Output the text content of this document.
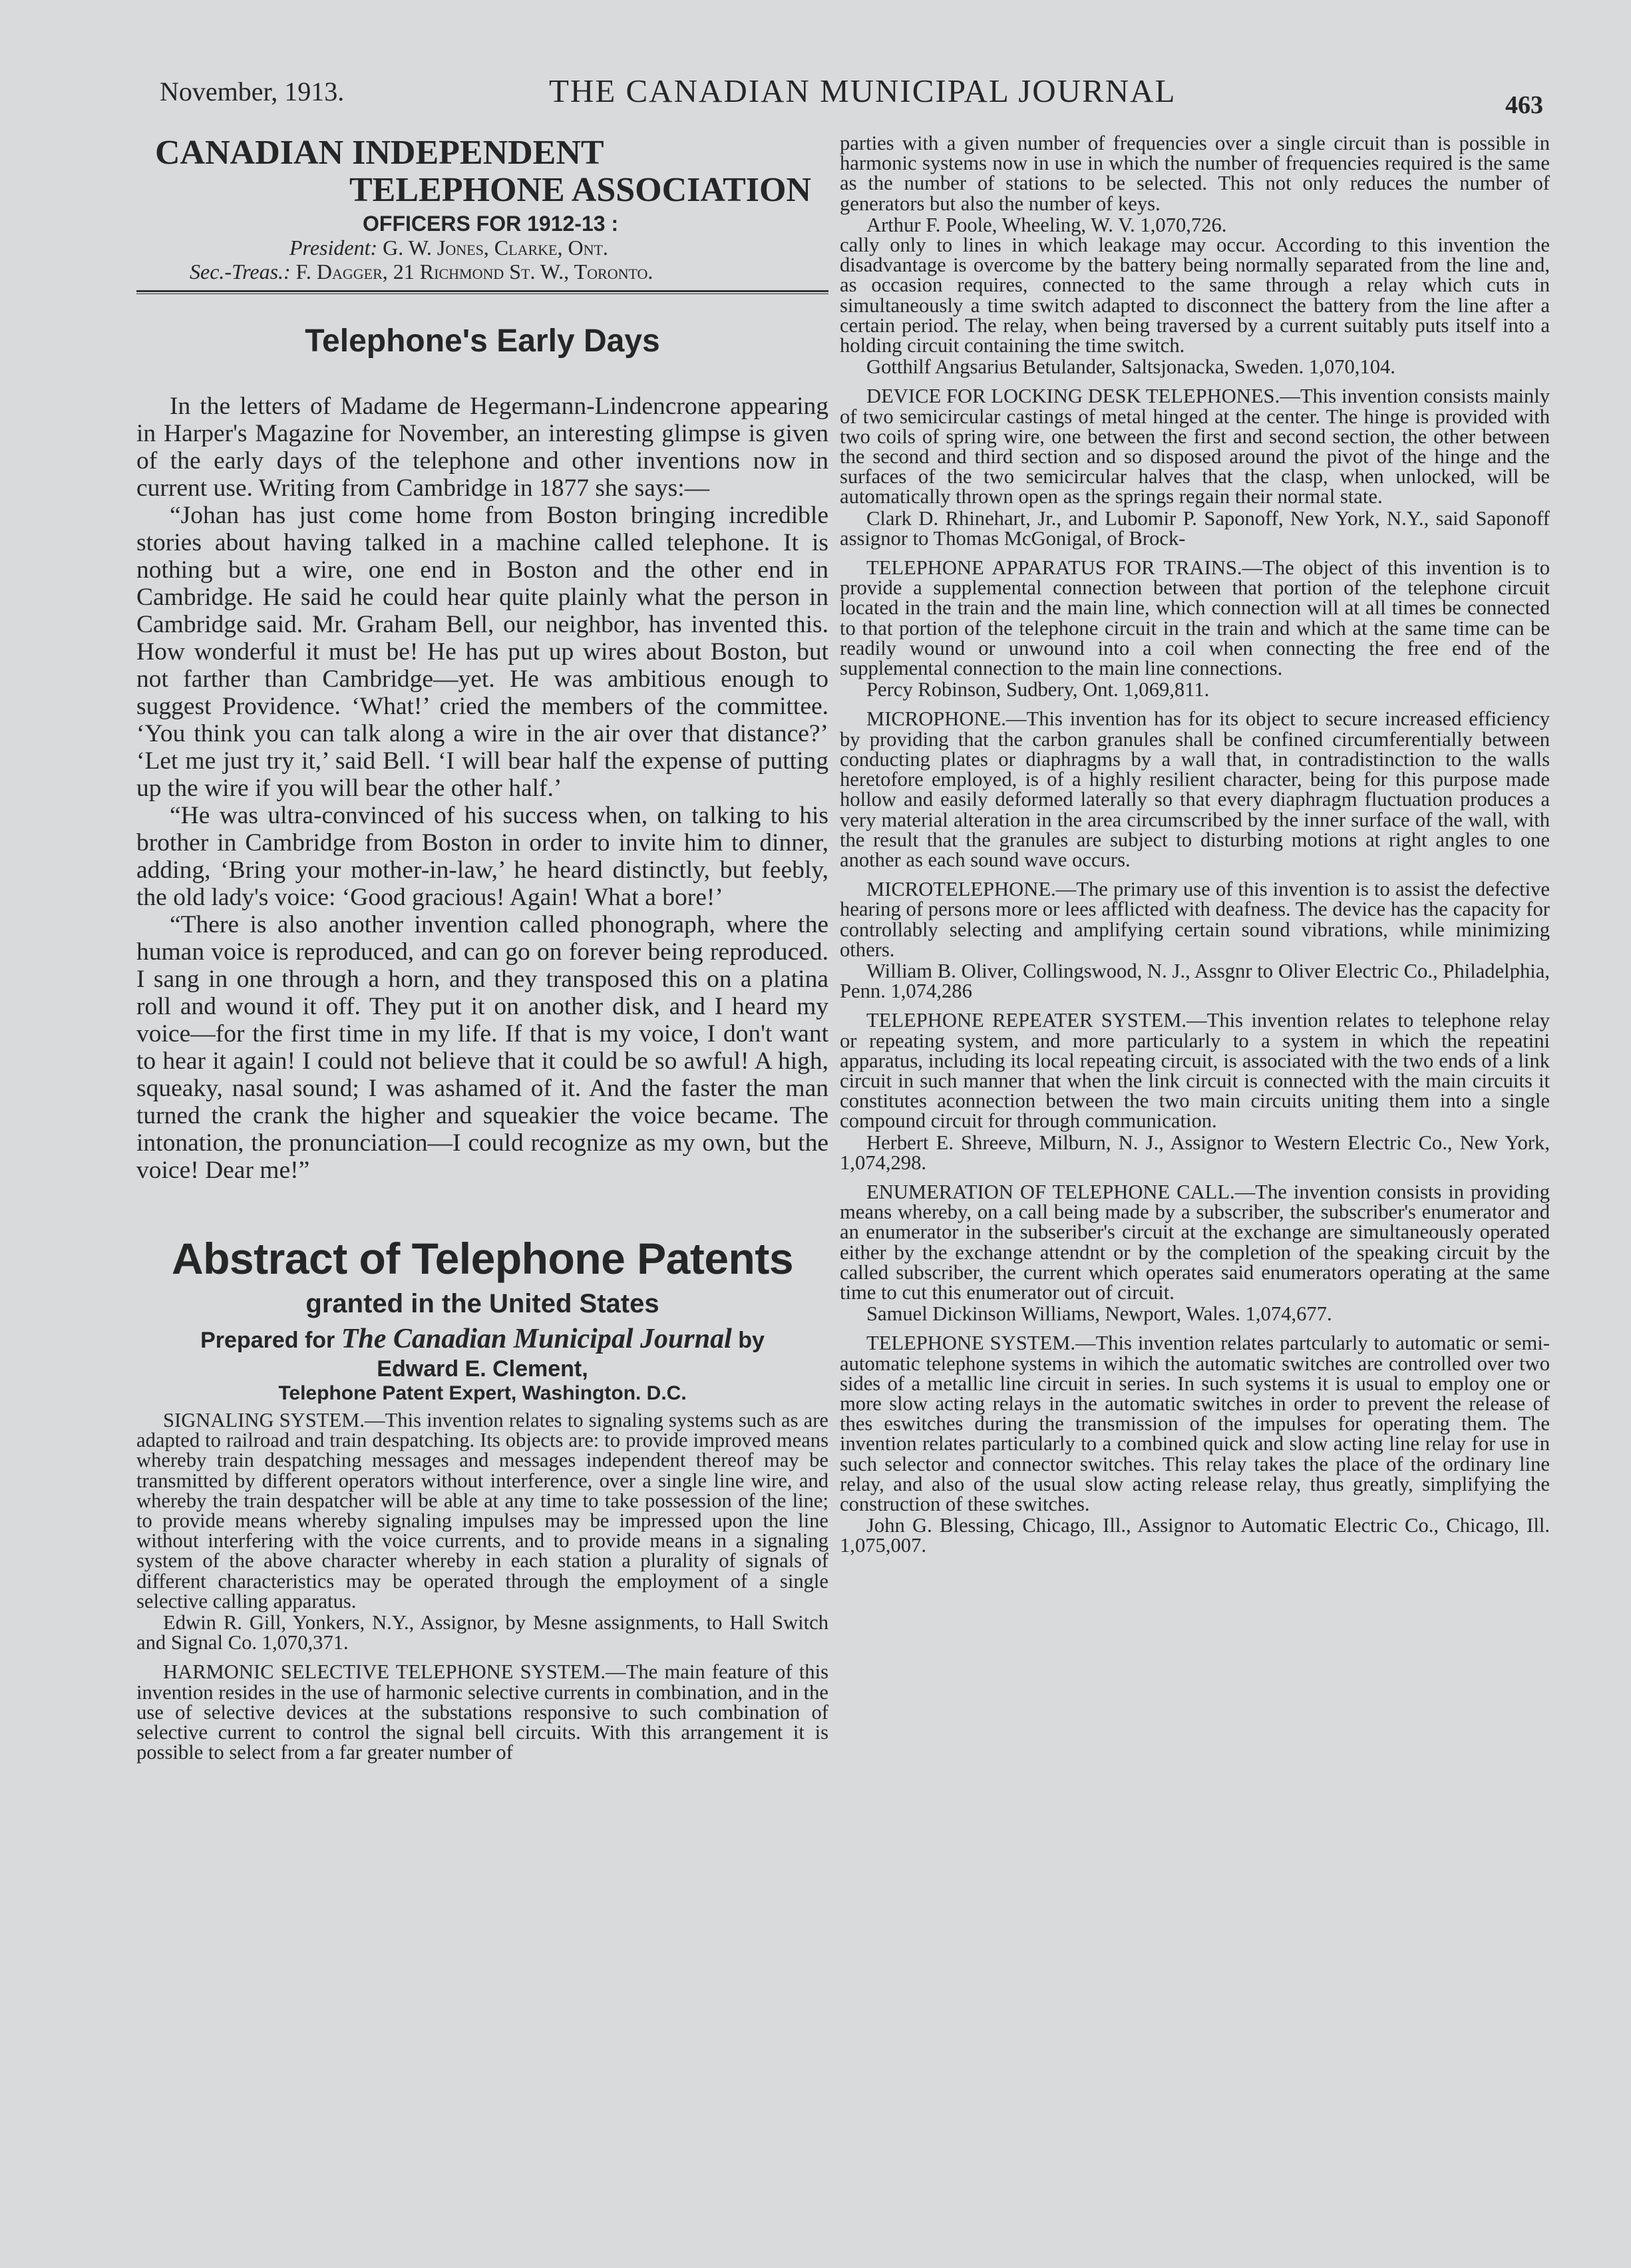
November, 1913.	THE CANADIAN MUNICIPAL JOURNAL	463
CANADIAN INDEPENDENT
TELEPHONE ASSOCIATION
OFFICERS FOR 1912-13 :
President: G. W. Jones, Clarke, Ont.
Sec.-Treas.: F. Dagger, 21 Richmond St. W., Toronto.
Telephone's Early Days

In the letters of Madame de Hegermann-Lindencrone appearing in Harper's Magazine for November, an interesting glimpse is given of the early days of the telephone and other inventions now in current use. Writing from Cambridge in 1877 she says:—

“Johan has just come home from Boston bringing incredible stories about having talked in a machine called telephone. It is nothing but a wire, one end in Boston and the other end in Cambridge. He said he could hear quite plainly what the person in Cambridge said. Mr. Graham Bell, our neighbor, has invented this. How wonderful it must be! He has put up wires about Boston, but not farther than Cambridge—yet. He was ambitious enough to suggest Providence. ‘What!’ cried the members of the committee. ‘You think you can talk along a wire in the air over that distance?’ ‘Let me just try it,’ said Bell. ‘I will bear half the expense of putting up the wire if you will bear the other half.’

“He was ultra-convinced of his success when, on talking to his brother in Cambridge from Boston in order to invite him to dinner, adding, ‘Bring your mother-in-law,’ he heard distinctly, but feebly, the old lady's voice: ‘Good gracious! Again! What a bore!’

“There is also another invention called phonograph, where the human voice is reproduced, and can go on forever being reproduced. I sang in one through a horn, and they transposed this on a platina roll and wound it off. They put it on another disk, and I heard my voice—for the first time in my life. If that is my voice, I don't want to hear it again! I could not believe that it could be so awful! A high, squeaky, nasal sound; I was ashamed of it. And the faster the man turned the crank the higher and squeakier the voice became. The intonation, the pronunciation—I could recognize as my own, but the voice! Dear me!”

Abstract of Telephone Patents
granted in the United States
Prepared for The Canadian Municipal Journal by
Edward E. Clement,
Telephone Patent Expert, Washington. D.C.

SIGNALING SYSTEM.—This invention relates to signaling systems such as are adapted to railroad and train despatching. Its objects are: to provide improved means whereby train despatching messages and messages independent thereof may be transmitted by different operators without interference, over a single line wire, and whereby the train despatcher will be able at any time to take possession of the line; to provide means whereby signaling impulses may be impressed upon the line without interfering with the voice currents, and to provide means in a signaling system of the above character whereby in each station a plurality of signals of different characteristics may be operated through the employment of a single selective calling apparatus.

Edwin R. Gill, Yonkers, N.Y., Assignor, by Mesne assignments, to Hall Switch and Signal Co. 1,070,371.

HARMONIC SELECTIVE TELEPHONE SYSTEM.—The main feature of this invention resides in the use of harmonic selective currents in combination, and in the use of selective devices at the substations responsive to such combination of selective current to control the signal bell circuits. With this arrangement it is possible to select from a far greater number of

parties with a given number of frequencies over a single circuit than is possible in harmonic systems now in use in which the number of frequencies required is the same as the number of stations to be selected. This not only reduces the number of generators but also the number of keys.

Arthur F. Poole, Wheeling, W. V. 1,070,726.

cally only to lines in which leakage may occur. According to this invention the disadvantage is overcome by the battery being normally separated from the line and, as occasion requires, connected to the same through a relay which cuts in simultaneously a time switch adapted to disconnect the battery from the line after a certain period. The relay, when being traversed by a current suitably puts itself into a holding circuit containing the time switch.

Gotthilf Angsarius Betulander, Saltsjonacka, Sweden. 1,070,104.

DEVICE FOR LOCKING DESK TELEPHONES.—This invention consists mainly of two semicircular castings of metal hinged at the center. The hinge is provided with two coils of spring wire, one between the first and second section, the other between the second and third section and so disposed around the pivot of the hinge and the surfaces of the two semicircular halves that the clasp, when unlocked, will be automatically thrown open as the springs regain their normal state.

Clark D. Rhinehart, Jr., and Lubomir P. Saponoff, New York, N.Y., said Saponoff assignor to Thomas McGonigal, of Brock-

TELEPHONE APPARATUS FOR TRAINS.—The object of this invention is to provide a supplemental connection between that portion of the telephone circuit located in the train and the main line, which connection will at all times be connected to that portion of the telephone circuit in the train and which at the same time can be readily wound or unwound into a coil when connecting the free end of the supplemental connection to the main line connections.

Percy Robinson, Sudbery, Ont. 1,069,811.

MICROPHONE.—This invention has for its object to secure increased efficiency by providing that the carbon granules shall be confined circumferentially between conducting plates or diaphragms by a wall that, in contradistinction to the walls heretofore employed, is of a highly resilient character, being for this purpose made hollow and easily deformed laterally so that every diaphragm fluctuation produces a very material alteration in the area circumscribed by the inner surface of the wall, with the result that the granules are subject to disturbing motions at right angles to one another as each sound wave occurs.

MICROTELEPHONE.—The primary use of this invention is to assist the defective hearing of persons more or lees afflicted with deafness. The device has the capacity for controllably selecting and amplifying certain sound vibrations, while minimizing others.

William B. Oliver, Collingswood, N. J., Assgnr to Oliver Electric Co., Philadelphia, Penn. 1,074,286

TELEPHONE REPEATER SYSTEM.—This invention relates to telephone relay or repeating system, and more particularly to a system in which the repeatini apparatus, including its local repeating circuit, is associated with the two ends of a link circuit in such manner that when the link circuit is connected with the main circuits it constitutes aconnection between the two main circuits uniting them into a single compound circuit for through communication.

Herbert E. Shreeve, Milburn, N. J., Assignor to Western Electric Co., New York, 1,074,298.

ENUMERATION OF TELEPHONE CALL.—The invention consists in providing means whereby, on a call being made by a subscriber, the subscriber's enumerator and an enumerator in the subseriber's circuit at the exchange are simultaneously operated either by the exchange attendnt or by the completion of the speaking circuit by the called subscriber, the current which operates said enumerators operating at the same time to cut this enumerator out of circuit.

Samuel Dickinson Williams, Newport, Wales. 1,074,677.

TELEPHONE SYSTEM.—This invention relates partcularly to automatic or semi-automatic telephone systems in wihich the automatic switches are controlled over two sides of a metallic line circuit in series. In such systems it is usual to employ one or more slow acting relays in the automatic switches in order to prevent the release of thes eswitches during the transmission of the impulses for operating them. The invention relates particularly to a combined quick and slow acting line relay for use in such selector and connector switches. This relay takes the place of the ordinary line relay, and also of the usual slow acting release relay, thus greatly, simplifying the construction of these switches.

John G. Blessing, Chicago, Ill., Assignor to Automatic Electric Co., Chicago, Ill. 1,075,007.
